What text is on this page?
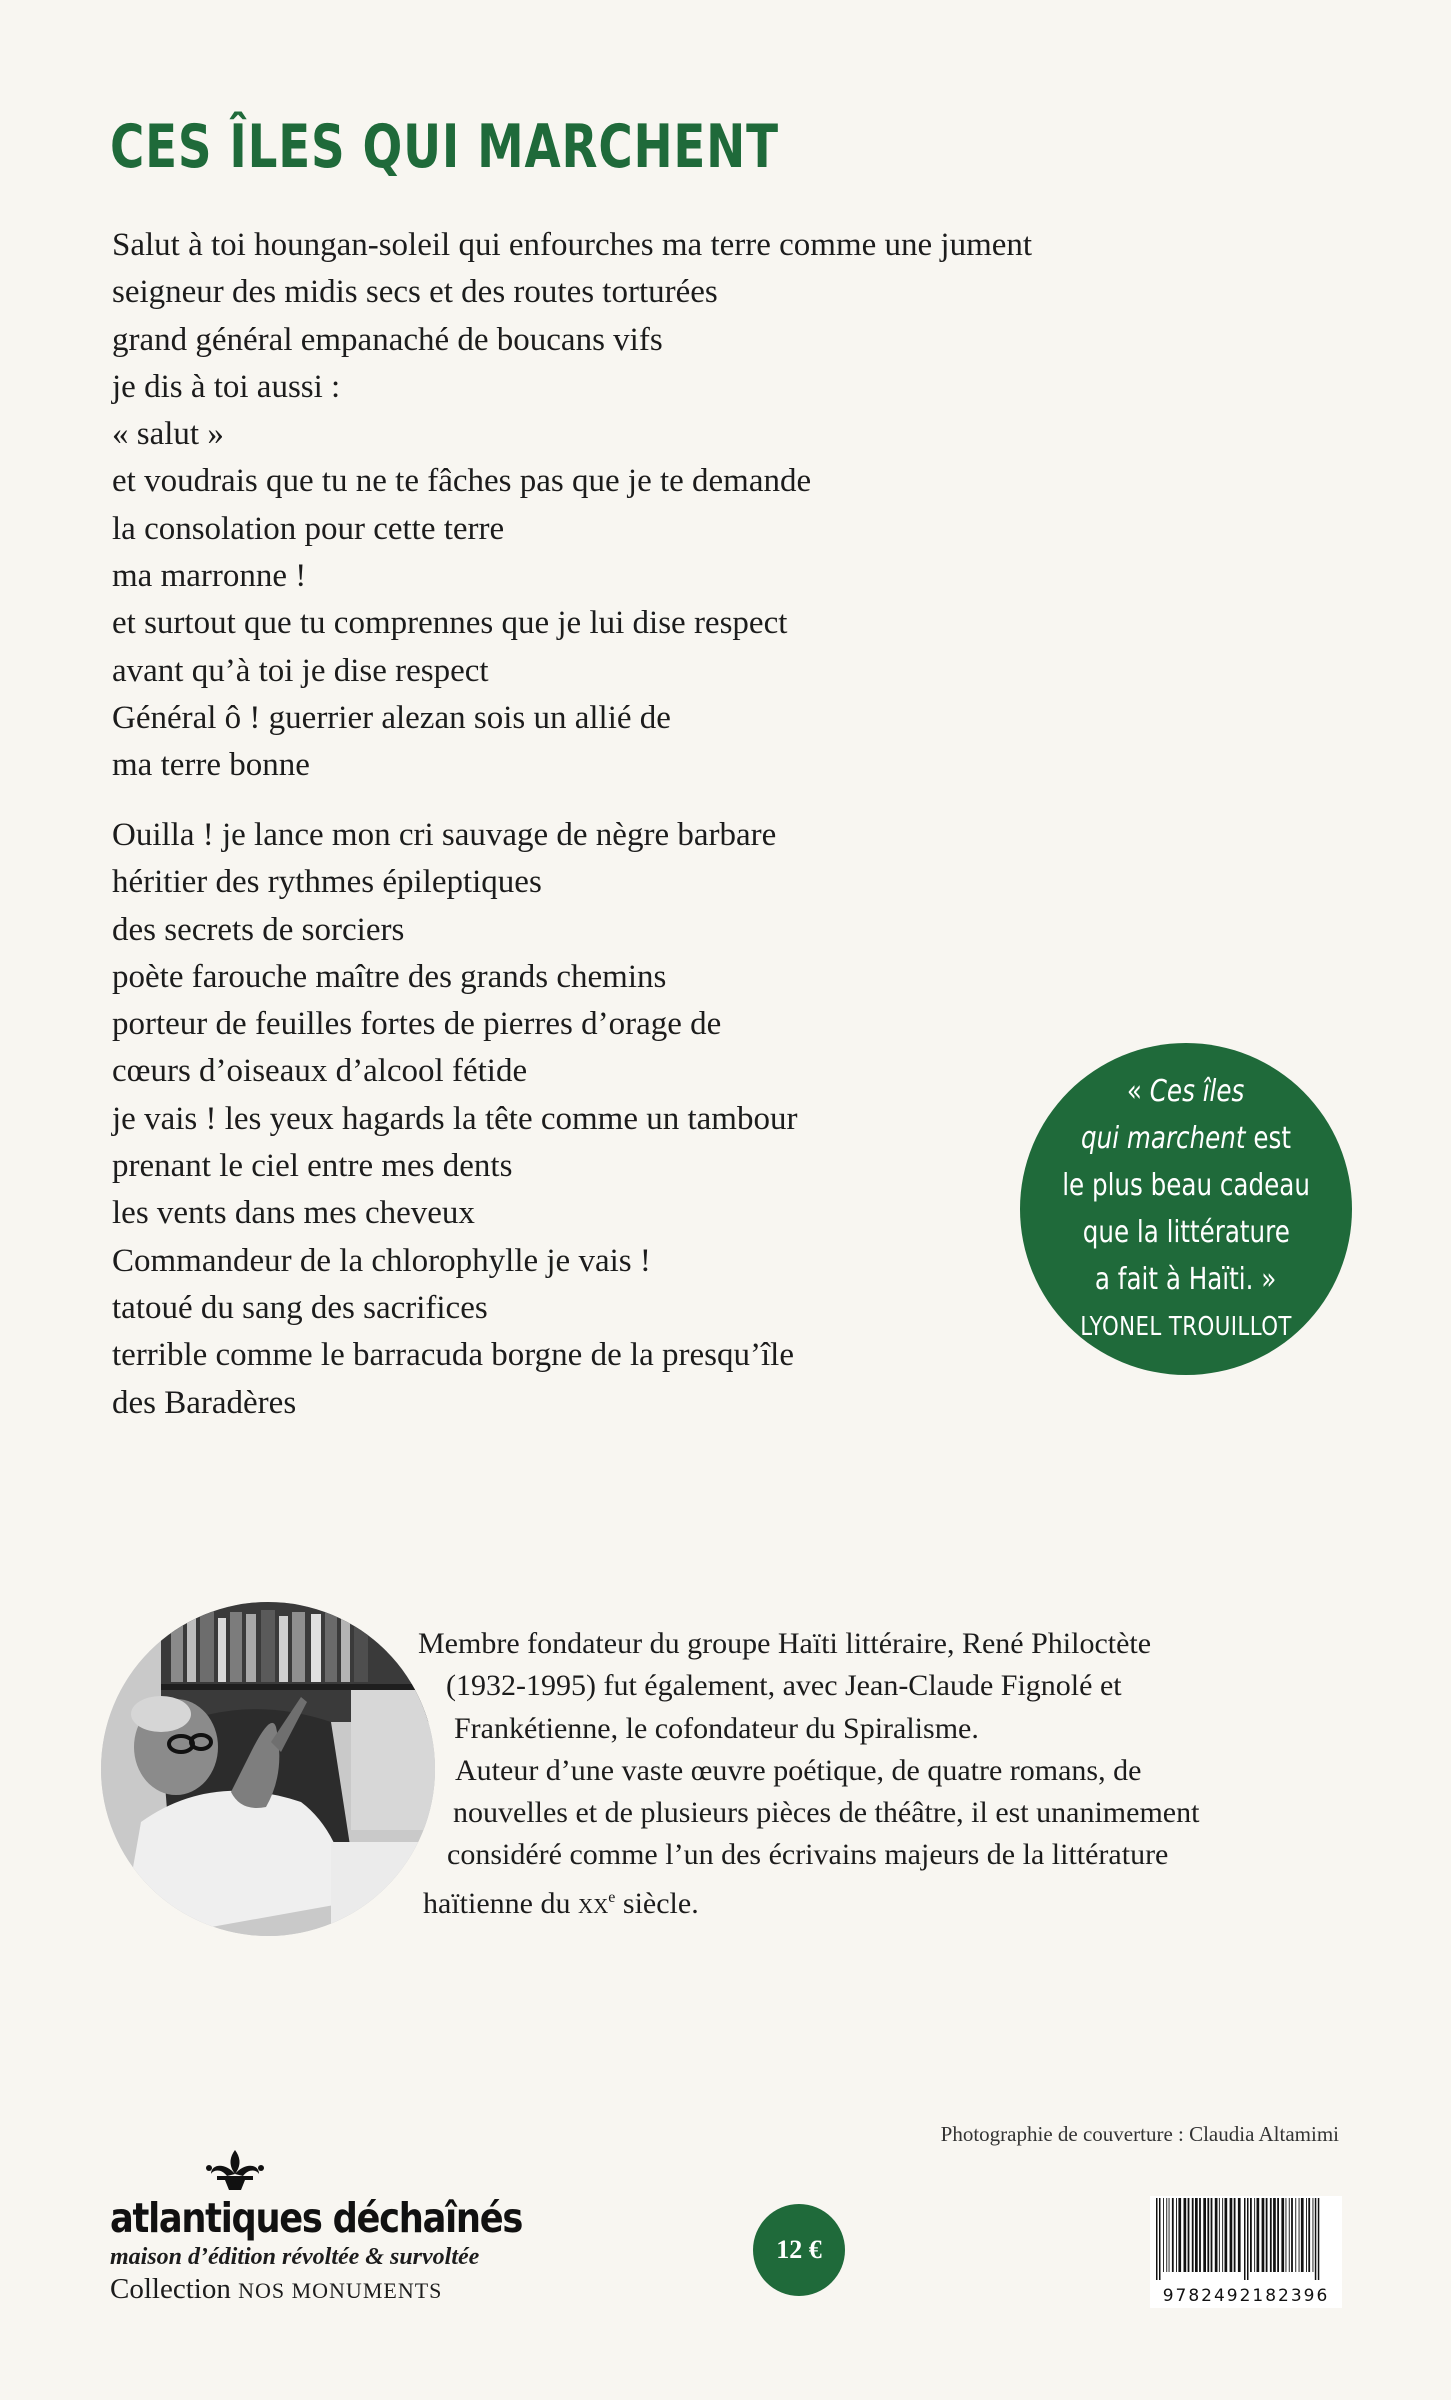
CES ÎLES QUI MARCHENT
Salut à toi houngan-soleil qui enfourches ma terre comme une jument
seigneur des midis secs et des routes torturées
grand général empanaché de boucans vifs
je dis à toi aussi :
« salut »
et voudrais que tu ne te fâches pas que je te demande
la consolation pour cette terre
ma marronne !
et surtout que tu comprennes que je lui dise respect
avant qu’à toi je dise respect
Général ô ! guerrier alezan sois un allié de
ma terre bonne
Ouilla ! je lance mon cri sauvage de nègre barbare
héritier des rythmes épileptiques
des secrets de sorciers
poète farouche maître des grands chemins
porteur de feuilles fortes de pierres d’orage de
cœurs d’oiseaux d’alcool fétide
je vais ! les yeux hagards la tête comme un tambour
prenant le ciel entre mes dents
les vents dans mes cheveux
Commandeur de la chlorophylle je vais !
tatoué du sang des sacrifices
terrible comme le barracuda borgne de la presqu’île
des Baradères
« Ces îles
qui marchent est
le plus beau cadeau
que la littérature
a fait à Haïti. »
LYONEL TROUILLOT
Membre fondateur du groupe Haïti littéraire, René Philoctète
(1932-1995) fut également, avec Jean-Claude Fignolé et
Frankétienne, le cofondateur du Spiralisme.
Auteur d’une vaste œuvre poétique, de quatre romans, de
nouvelles et de plusieurs pièces de théâtre, il est unanimement
considéré comme l’un des écrivains majeurs de la littérature
haïtienne du $xx^e$ siècle.
Photographie de couverture : Claudia Altamimi
atlantiques déchaînés
maison d’édition révoltée & survoltée
Collection NOS MONUMENTS
12 €
9782492182396
